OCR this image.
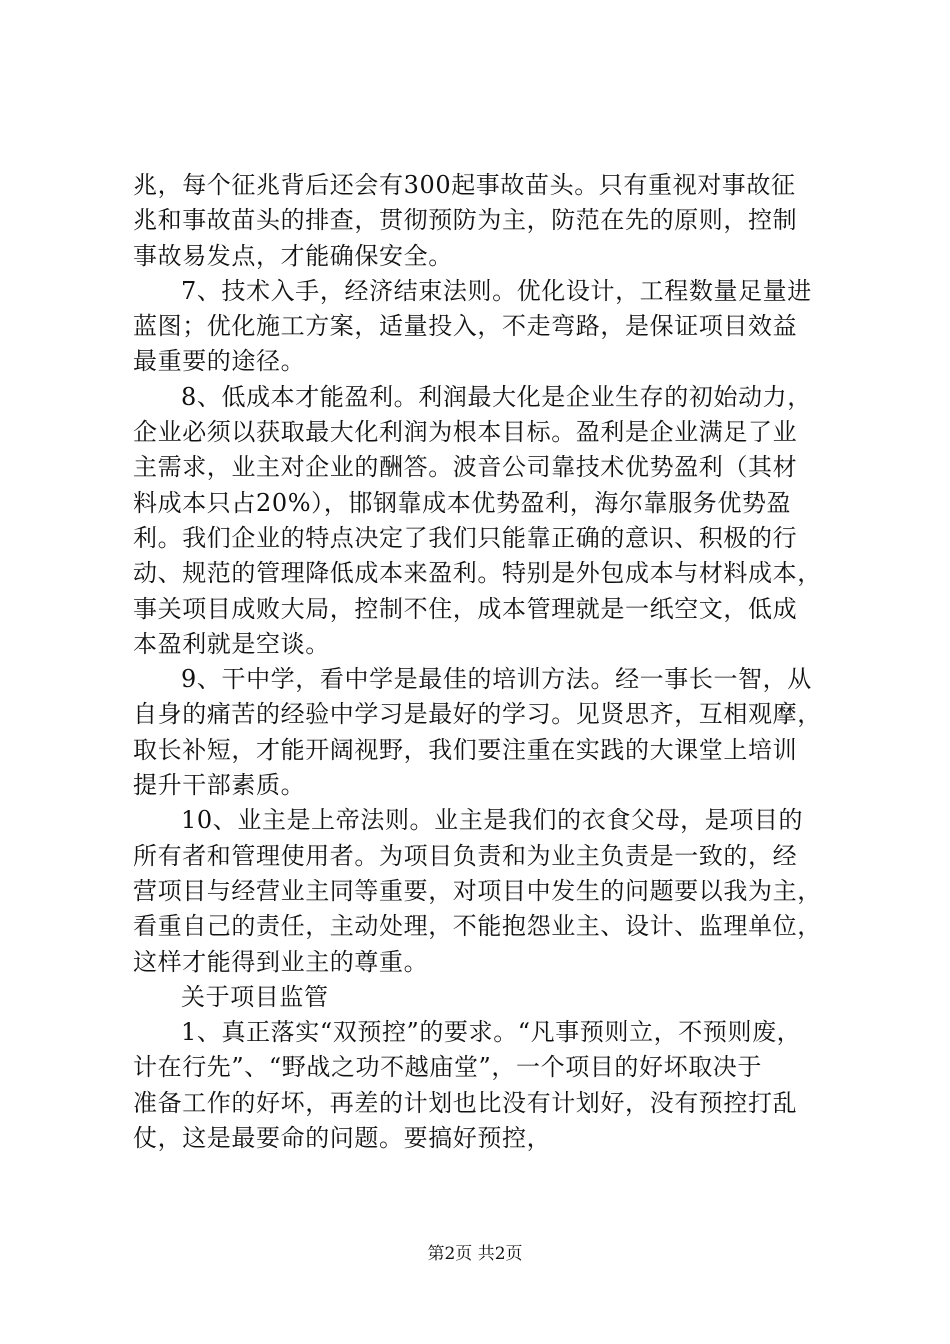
兆，每个征兆背后还会有300起事故苗头。只有重视对事故征
兆和事故苗头的排查，贯彻预防为主，防范在先的原则，控制
事故易发点，才能确保安全。
7、技术入手，经济结束法则。优化设计，工程数量足量进
蓝图；优化施工方案，适量投入，不走弯路，是保证项目效益
最重要的途径。
8、低成本才能盈利。利润最大化是企业生存的初始动力，
企业必须以获取最大化利润为根本目标。盈利是企业满足了业
主需求，业主对企业的酬答。波音公司靠技术优势盈利（其材
料成本只占20%），邯钢靠成本优势盈利，海尔靠服务优势盈
利。我们企业的特点决定了我们只能靠正确的意识、积极的行
动、规范的管理降低成本来盈利。特别是外包成本与材料成本，
事关项目成败大局，控制不住，成本管理就是一纸空文，低成
本盈利就是空谈。
9、干中学，看中学是最佳的培训方法。经一事长一智，从
自身的痛苦的经验中学习是最好的学习。见贤思齐，互相观摩，
取长补短，才能开阔视野，我们要注重在实践的大课堂上培训
提升干部素质。
10、业主是上帝法则。业主是我们的衣食父母，是项目的
所有者和管理使用者。为项目负责和为业主负责是一致的，经
营项目与经营业主同等重要，对项目中发生的问题要以我为主，
看重自己的责任，主动处理，不能抱怨业主、设计、监理单位，
这样才能得到业主的尊重。
关于项目监管
1、真正落实“双预控”的要求。“凡事预则立，不预则废，
计在行先”、“野战之功不越庙堂”，一个项目的好坏取决于
准备工作的好坏，再差的计划也比没有计划好，没有预控打乱
仗，这是最要命的问题。要搞好预控，
第2页 共2页
